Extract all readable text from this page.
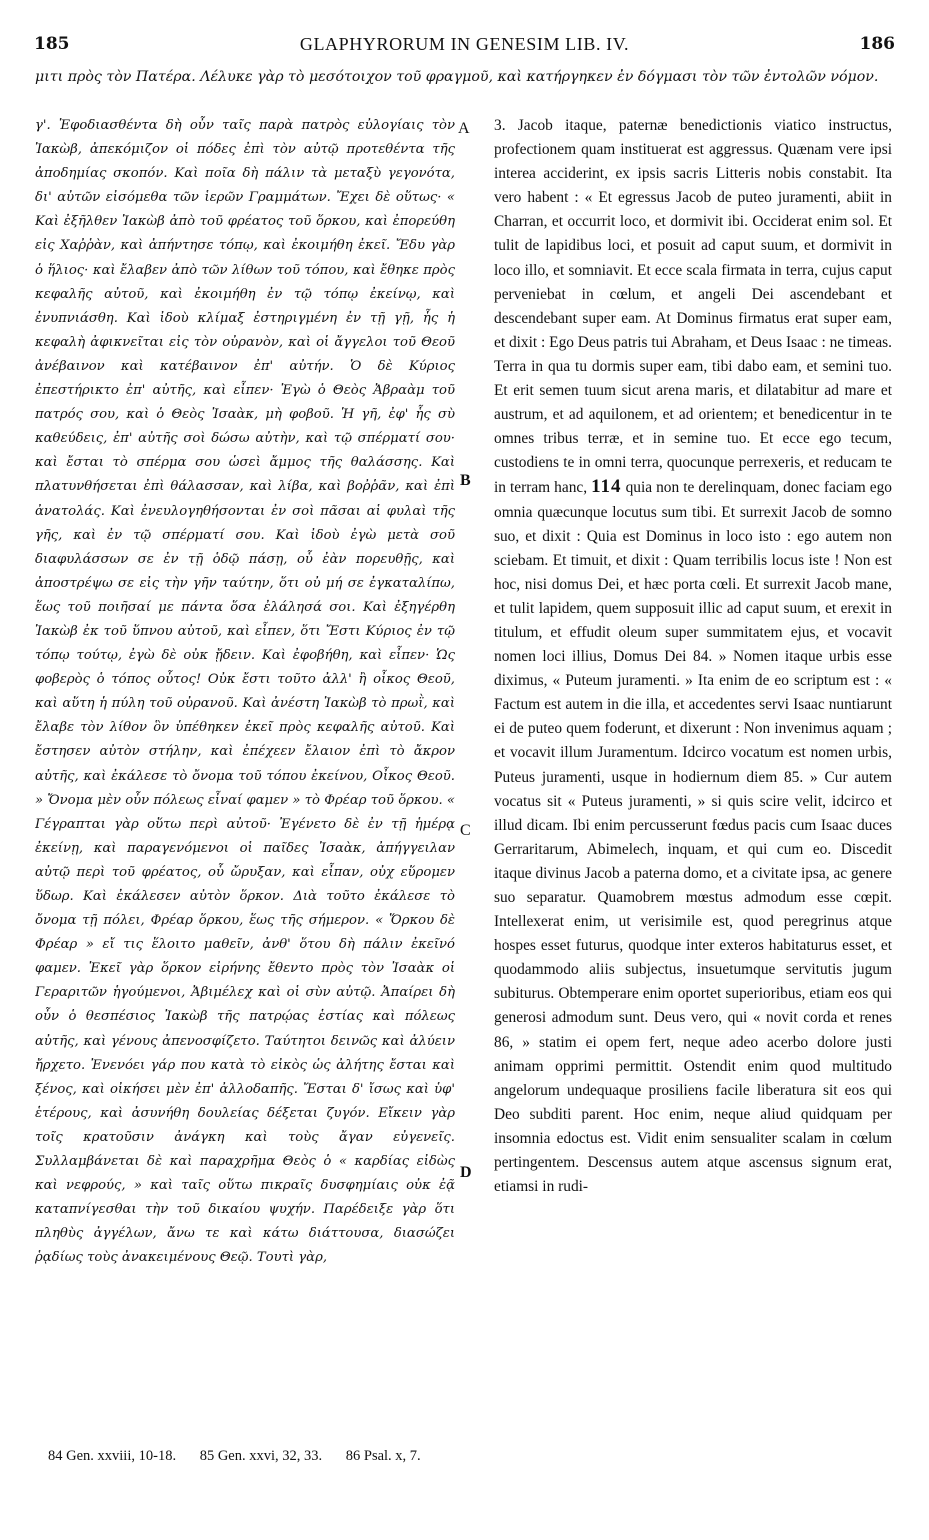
185	GLAPHYRORUM IN GENESIM LIB. IV.	186

μιτι πρὸς τὸν Πατέρα. Λέλυκε γὰρ τὸ μεσότοιχον τοῦ φραγμοῦ, καὶ κατήργηκεν ἐν δόγμασι τὸν τῶν ἐντολῶν νόμον.

γ'. Ἐφοδιασθέντα δὴ οὖν ταῖς παρὰ πατρὸς εὐλογίαις τὸν Ἰακὼβ, ἀπεκόμιζον οἱ πόδες ἐπὶ τὸν αὐτῷ προτεθέντα τῆς ἀποδημίας σκοπόν. Καὶ ποῖα δὴ πάλιν τὰ μεταξὺ γεγονότα, δι' αὐτῶν εἰσόμεθα τῶν ἱερῶν Γραμμάτων. Ἔχει δὲ οὕτως· « Καὶ ἐξῆλθεν Ἰακὼβ ἀπὸ τοῦ φρέατος τοῦ ὅρκου, καὶ ἐπορεύθη εἰς Χαῤῥὰν, καὶ ἀπήντησε τόπῳ, καὶ ἐκοιμήθη ἐκεῖ. Ἔδυ γὰρ ὁ ἥλιος· καὶ ἔλαβεν ἀπὸ τῶν λίθων τοῦ τόπου, καὶ ἔθηκε πρὸς κεφαλῆς αὐτοῦ, καὶ ἐκοιμήθη ἐν τῷ τόπῳ ἐκείνῳ, καὶ ἐνυπνιάσθη. Καὶ ἰδοὺ κλίμαξ ἐστηριγμένη ἐν τῇ γῇ, ἧς ἡ κεφαλὴ ἀφικνεῖται εἰς τὸν οὐρανὸν, καὶ οἱ ἄγγελοι τοῦ Θεοῦ ἀνέβαινον καὶ κατέβαινον ἐπ' αὐτήν. Ὁ δὲ Κύριος ἐπεστήρικτο ἐπ' αὐτῆς, καὶ εἶπεν· Ἐγὼ ὁ Θεὸς Ἀβραὰμ τοῦ πατρός σου, καὶ ὁ Θεὸς Ἰσαὰκ, μὴ φοβοῦ. Ἡ γῆ, ἐφ' ἧς σὺ καθεύδεις, ἐπ' αὐτῆς σοὶ δώσω αὐτὴν, καὶ τῷ σπέρματί σου· καὶ ἔσται τὸ σπέρμα σου ὡσεὶ ἄμμος τῆς θαλάσσης. Καὶ πλατυνθήσεται ἐπὶ θάλασσαν, καὶ λίβα, καὶ βοῤῥᾶν, καὶ ἐπὶ ἀνατολάς. Καὶ ἐνευλογηθήσονται ἐν σοὶ πᾶσαι αἱ φυλαὶ τῆς γῆς, καὶ ἐν τῷ σπέρματί σου. Καὶ ἰδοὺ ἐγὼ μετὰ σοῦ διαφυλάσσων σε ἐν τῇ ὁδῷ πάσῃ, οὗ ἐὰν πορευθῇς, καὶ ἀποστρέψω σε εἰς τὴν γῆν ταύτην, ὅτι οὐ μή σε ἐγκαταλίπω, ἕως τοῦ ποιῆσαί με πάντα ὅσα ἐλάλησά σοι. Καὶ ἐξηγέρθη Ἰακὼβ ἐκ τοῦ ὕπνου αὐτοῦ, καὶ εἶπεν, ὅτι Ἔστι Κύριος ἐν τῷ τόπῳ τούτῳ, ἐγὼ δὲ οὐκ ᾔδειν. Καὶ ἐφοβήθη, καὶ εἶπεν· Ὡς φοβερὸς ὁ τόπος οὗτος! Οὐκ ἔστι τοῦτο ἀλλ' ἢ οἶκος Θεοῦ, καὶ αὕτη ἡ πύλη τοῦ οὐρανοῦ. Καὶ ἀνέστη Ἰακὼβ τὸ πρωῒ, καὶ ἔλαβε τὸν λίθον ὃν ὑπέθηκεν ἐκεῖ πρὸς κεφαλῆς αὐτοῦ. Καὶ ἔστησεν αὐτὸν στήλην, καὶ ἐπέχεεν ἔλαιον ἐπὶ τὸ ἄκρον αὐτῆς, καὶ ἐκάλεσε τὸ ὄνομα τοῦ τόπου ἐκείνου, Οἶκος Θεοῦ. » Ὄνομα μὲν οὖν πόλεως εἶναί φαμεν » τὸ Φρέαρ τοῦ ὅρκου. « Γέγραπται γὰρ οὕτω περὶ αὐτοῦ· Ἐγένετο δὲ ἐν τῇ ἡμέρᾳ ἐκείνῃ, καὶ παραγενόμενοι οἱ παῖδες Ἰσαὰκ, ἀπήγγειλαν αὐτῷ περὶ τοῦ φρέατος, οὗ ὤρυξαν, καὶ εἶπαν, οὐχ εὕρομεν ὕδωρ. Καὶ ἐκάλεσεν αὐτὸν ὅρκον. Διὰ τοῦτο ἐκάλεσε τὸ ὄνομα τῇ πόλει, Φρέαρ ὅρκου, ἕως τῆς σήμερον. « Ὅρκου δὲ Φρέαρ » εἴ τις ἕλοιτο μαθεῖν, ἀνθ' ὅτου δὴ πάλιν ἐκεῖνό φαμεν. Ἐκεῖ γὰρ ὅρκον εἰρήνης ἔθεντο πρὸς τὸν Ἰσαὰκ οἱ Γεραριτῶν ἡγούμενοι, Ἀβιμέλεχ καὶ οἱ σὺν αὐτῷ. Ἀπαίρει δὴ οὖν ὁ θεσπέσιος Ἰακὼβ τῆς πατρῴας ἑστίας καὶ πόλεως αὐτῆς, καὶ γένους ἀπενοσφίζετο. Ταύτητοι δεινῶς καὶ ἀλύειν ἤρχετο. Ἐνενόει γάρ που κατὰ τὸ εἰκὸς ὡς ἀλήτης ἔσται καὶ ξένος, καὶ οἰκήσει μὲν ἐπ' ἀλλοδαπῆς. Ἔσται δ' ἴσως καὶ ὑφ' ἑτέρους, καὶ ἀσυνήθη δουλείας δέξεται ζυγόν. Εἴκειν γὰρ τοῖς κρατοῦσιν ἀνάγκη καὶ τοὺς ἄγαν εὐγενεῖς. Συλλαμβάνεται δὲ καὶ παραχρῆμα Θεὸς ὁ « καρδίας εἰδὼς καὶ νεφρούς, » καὶ ταῖς οὕτω πικραῖς δυσφημίαις οὐκ ἐᾷ καταπνίγεσθαι τὴν τοῦ δικαίου ψυχήν. Παρέδειξε γὰρ ὅτι πληθὺς ἀγγέλων, ἄνω τε καὶ κάτω διάττουσα, διασώζει ῥᾳδίως τοὺς ἀνακειμένους Θεῷ. Τουτὶ γὰρ,

A
B
C
D

3. Jacob itaque, paternæ benedictionis viatico instructus, profectionem quam instituerat est aggressus. Quænam vere ipsi interea acciderint, ex ipsis sacris Litteris nobis constabit. Ita vero habent : « Et egressus Jacob de puteo juramenti, abiit in Charran, et occurrit loco, et dormivit ibi. Occiderat enim sol. Et tulit de lapidibus loci, et posuit ad caput suum, et dormivit in loco illo, et somniavit. Et ecce scala firmata in terra, cujus caput perveniebat in cœlum, et angeli Dei ascendebant et descendebant super eam. At Dominus firmatus erat super eam, et dixit : Ego Deus patris tui Abraham, et Deus Isaac : ne timeas. Terra in qua tu dormis super eam, tibi dabo eam, et semini tuo. Et erit semen tuum sicut arena maris, et dilatabitur ad mare et austrum, et ad aquilonem, et ad orientem; et benedicentur in te omnes tribus terræ, et in semine tuo. Et ecce ego tecum, custodiens te in omni terra, quocunque perrexeris, et reducam te in terram hanc, 114 quia non te derelinquam, donec faciam ego omnia quæcunque locutus sum tibi. Et surrexit Jacob de somno suo, et dixit : Quia est Dominus in loco isto : ego autem non sciebam. Et timuit, et dixit : Quam terribilis locus iste ! Non est hoc, nisi domus Dei, et hæc porta cœli. Et surrexit Jacob mane, et tulit lapidem, quem supposuit illic ad caput suum, et erexit in titulum, et effudit oleum super summitatem ejus, et vocavit nomen loci illius, Domus Dei 84. » Nomen itaque urbis esse diximus, « Puteum juramenti. » Ita enim de eo scriptum est : « Factum est autem in die illa, et accedentes servi Isaac nuntiarunt ei de puteo quem foderunt, et dixerunt : Non invenimus aquam ; et vocavit illum Juramentum. Idcirco vocatum est nomen urbis, Puteus juramenti, usque in hodiernum diem 85. » Cur autem vocatus sit « Puteus juramenti, » si quis scire velit, idcirco et illud dicam. Ibi enim percusserunt fœdus pacis cum Isaac duces Gerraritarum, Abimelech, inquam, et qui cum eo. Discedit itaque divinus Jacob a paterna domo, et a civitate ipsa, ac genere suo separatur. Quamobrem mœstus admodum esse cœpit. Intellexerat enim, ut verisimile est, quod peregrinus atque hospes esset futurus, quodque inter exteros habitaturus esset, et quodammodo aliis subjectus, insuetumque servitutis jugum subiturus. Obtemperare enim oportet superioribus, etiam eos qui generosi admodum sunt. Deus vero, qui « novit corda et renes 86, » statim ei opem fert, neque adeo acerbo dolore justi animam opprimi permittit. Ostendit enim quod multitudo angelorum undequaque prosiliens facile liberatura sit eos qui Deo subditi parent. Hoc enim, neque aliud quidquam per insomnia edoctus est. Vidit enim sensualiter scalam in cœlum pertingentem. Descensus autem atque ascensus signum erat, etiamsi in rudi-

84 Gen. xxviii, 10-18. 85 Gen. xxvi, 32, 33. 86 Psal. x, 7.
